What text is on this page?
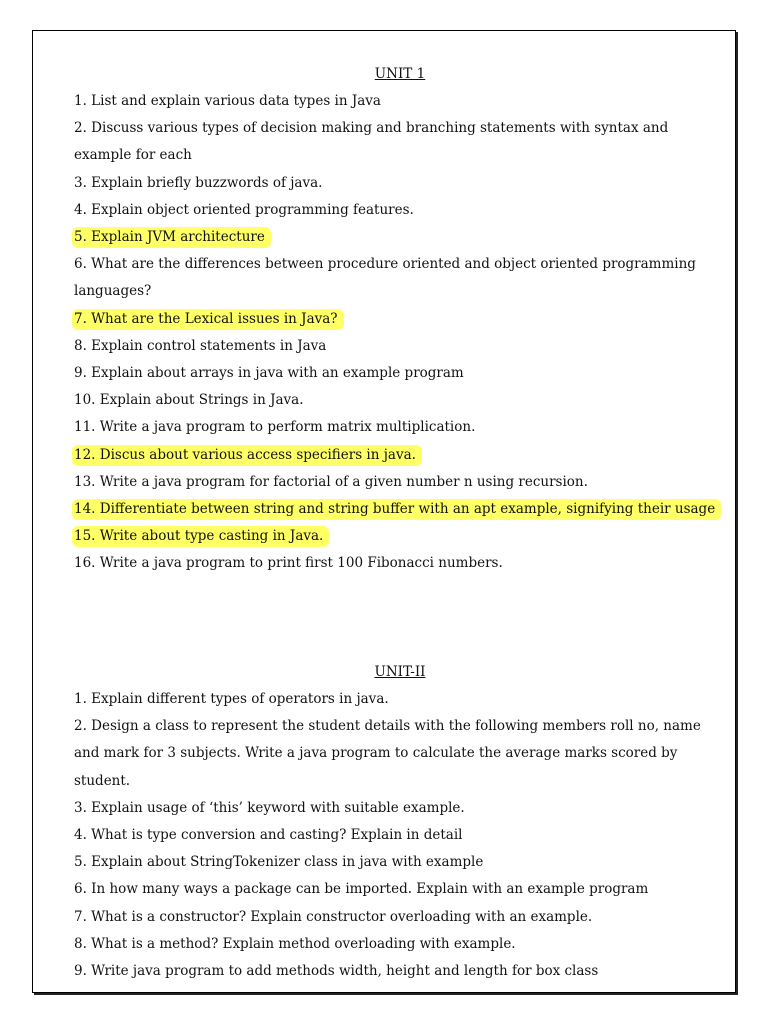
UNIT 1
1. List and explain various data types in Java
2. Discuss various types of decision making and branching statements with syntax and example for each
3. Explain briefly buzzwords of java.
4. Explain object oriented programming features.
5. Explain JVM architecture
6. What are the differences between procedure oriented and object oriented programming languages?
7. What are the Lexical issues in Java?
8. Explain control statements in Java
9. Explain about arrays in java with an example program
10. Explain about Strings in Java.
11. Write a java program to perform matrix multiplication.
12. Discus about various access specifiers in java.
13. Write a java program for factorial of a given number n using recursion.
14. Differentiate between string and string buffer with an apt example, signifying their usage
15. Write about type casting in Java.
16. Write a java program to print first 100 Fibonacci numbers.
UNIT-II
1. Explain different types of operators in java.
2. Design a class to represent the student details with the following members roll no, name and mark for 3 subjects. Write a java program to calculate the average marks scored by student.
3. Explain usage of ‘this’ keyword with suitable example.
4. What is type conversion and casting? Explain in detail
5. Explain about StringTokenizer class in java with example
6. In how many ways a package can be imported. Explain with an example program
7. What is a constructor? Explain constructor overloading with an example.
8. What is a method? Explain method overloading with example.
9. Write java program to add methods width, height and length for box class
